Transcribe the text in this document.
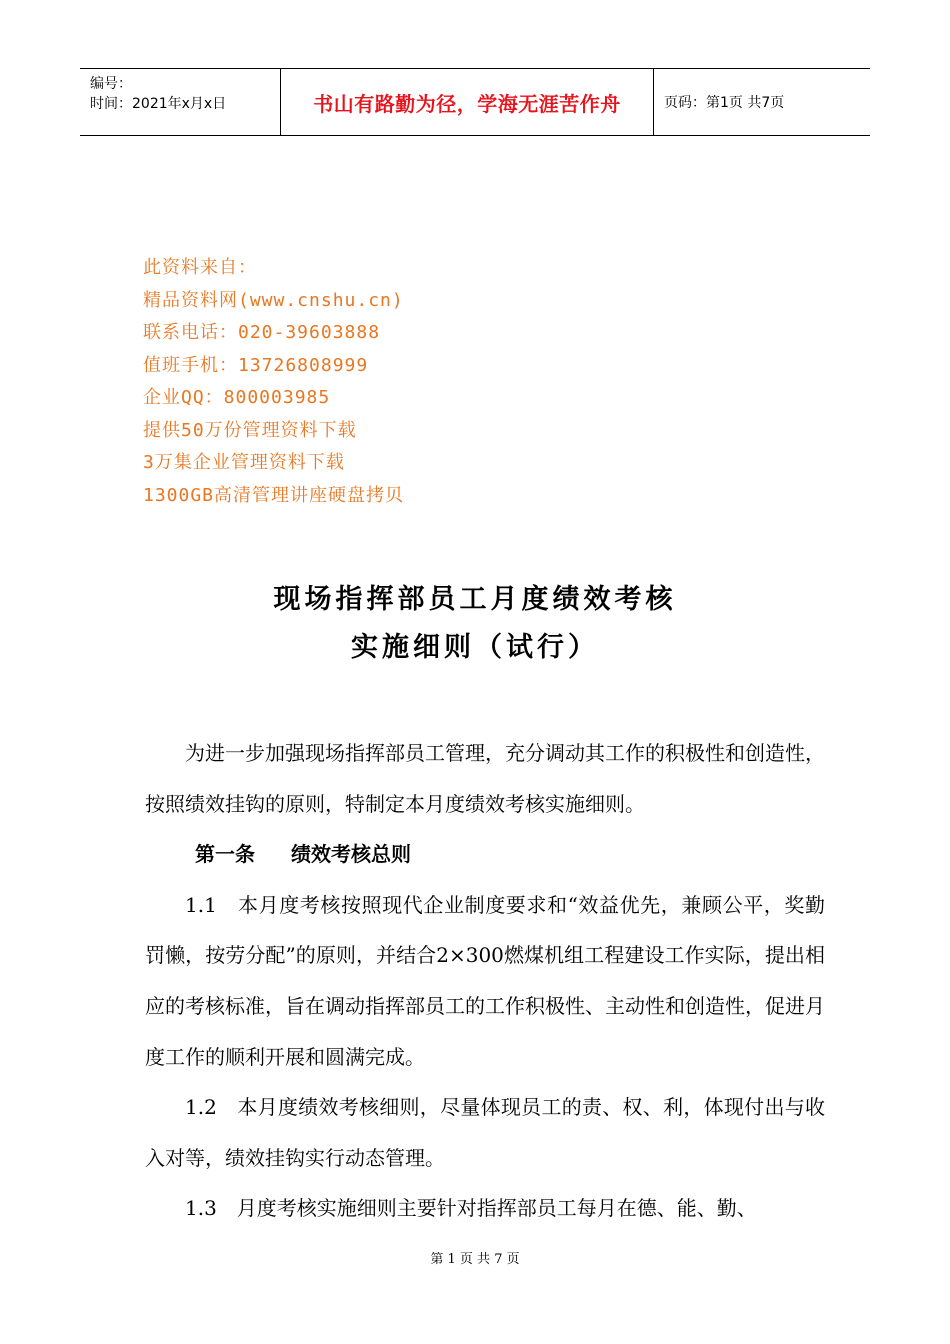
编号：
时间：2021年x月x日	书山有路勤为径，学海无涯苦作舟	页码：第1页 共7页
此资料来自：
精品资料网(www.cnshu.cn)
联系电话：020-39603888
值班手机：13726808999
企业QQ：800003985
提供50万份管理资料下载
3万集企业管理资料下载
1300GB高清管理讲座硬盘拷贝
现场指挥部员工月度绩效考核
实施细则（试行）

为进一步加强现场指挥部员工管理，充分调动其工作的积极性和创造性，按照绩效挂钩的原则，特制定本月度绩效考核实施细则。

第一条 绩效考核总则

1.1　本月度考核按照现代企业制度要求和“效益优先，兼顾公平，奖勤罚懒，按劳分配”的原则，并结合2×300燃煤机组工程建设工作实际，提出相应的考核标准，旨在调动指挥部员工的工作积极性、主动性和创造性，促进月度工作的顺利开展和圆满完成。

1.2　本月度绩效考核细则，尽量体现员工的责、权、利，体现付出与收入对等，绩效挂钩实行动态管理。

1.3　月度考核实施细则主要针对指挥部员工每月在德、能、勤、

第 1 页 共 7 页
